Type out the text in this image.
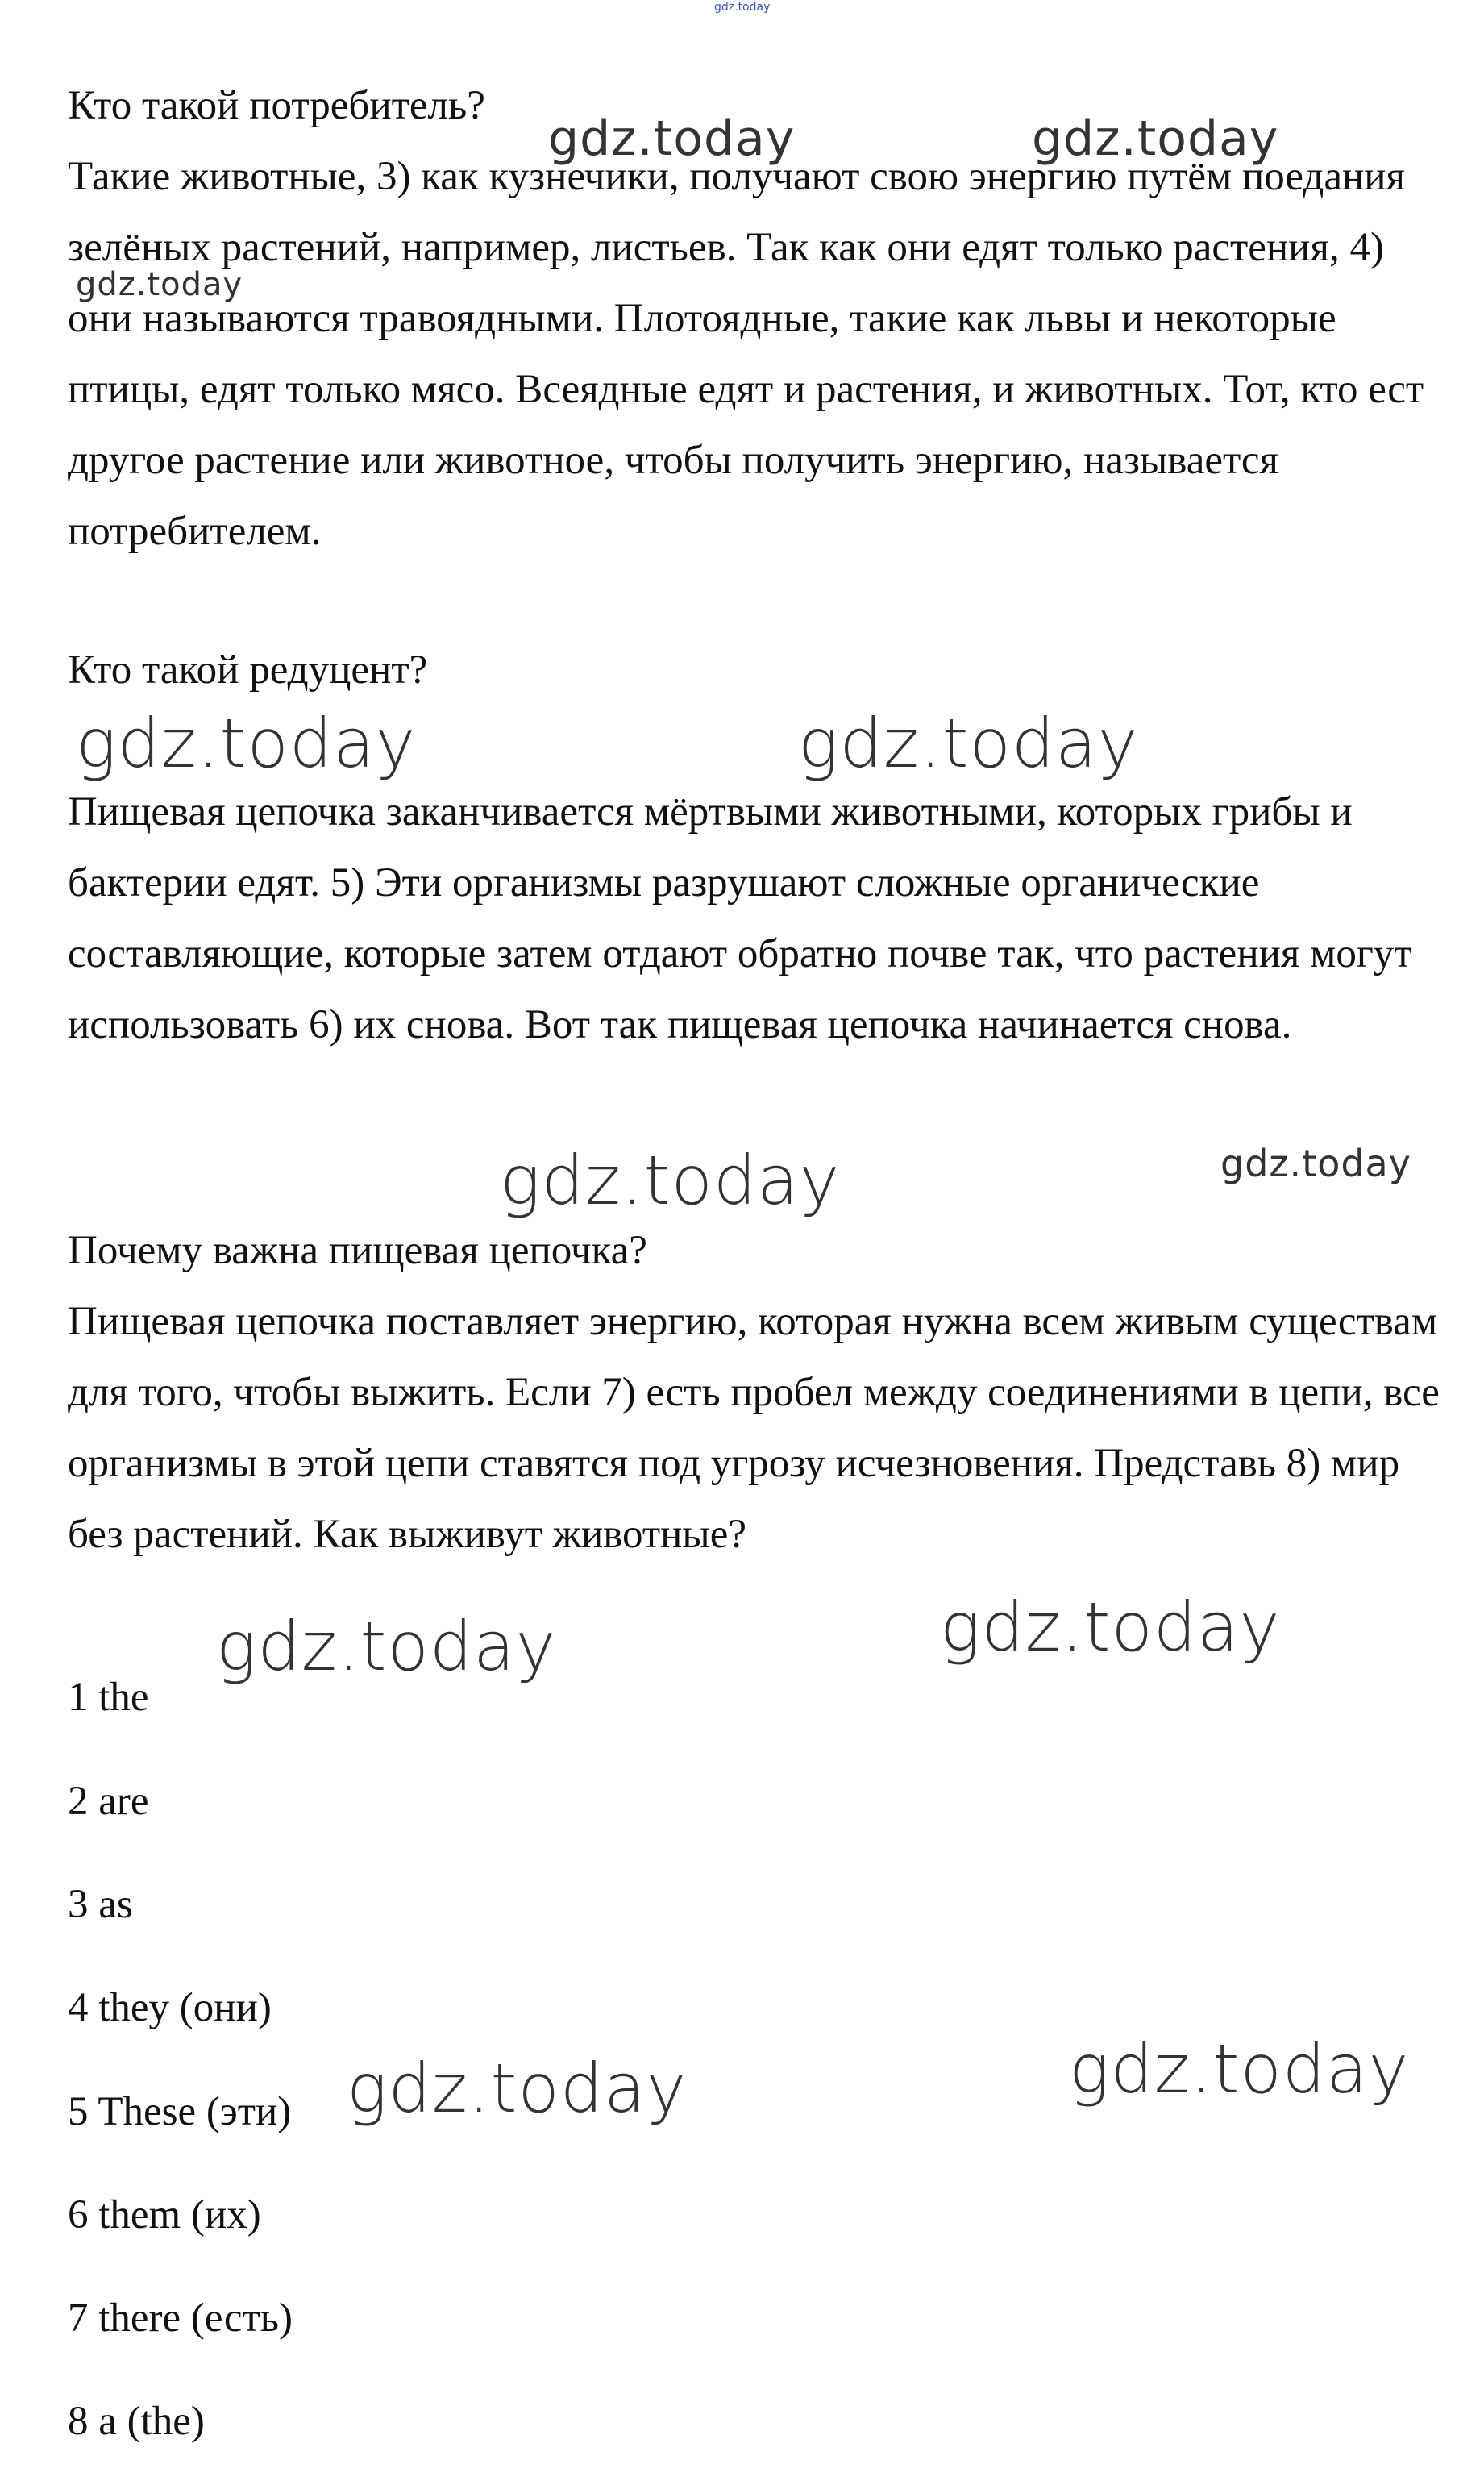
gdz.today

Кто такой потребитель?

Такие животные, 3) как кузнечики, получают свою энергию путём поедания зелёных растений, например, листьев. Так как они едят только растения, 4) они называются травоядными. Плотоядные, такие как львы и некоторые птицы, едят только мясо. Всеядные едят и растения, и животных. Тот, кто ест другое растение или животное, чтобы получить энергию, называется потребителем.

Кто такой редуцент?

Пищевая цепочка заканчивается мёртвыми животными, которых грибы и бактерии едят. 5) Эти организмы разрушают сложные органические составляющие, которые затем отдают обратно почве так, что растения могут использовать 6) их снова. Вот так пищевая цепочка начинается снова.

Почему важна пищевая цепочка?

Пищевая цепочка поставляет энергию, которая нужна всем живым существам для того, чтобы выжить. Если 7) есть пробел между соединениями в цепи, все организмы в этой цепи ставятся под угрозу исчезновения. Представь 8) мир без растений. Как выживут животные?

1 the
2 are
3 as
4 they (они)
5 These (эти)
6 them (их)
7 there (есть)
8 a (the)
gdz.today	gdz.today
gdz.today
gdz.today	gdz.today
gdz.today	gdz.today
gdz.today	gdz.today
gdz.today	gdz.today
